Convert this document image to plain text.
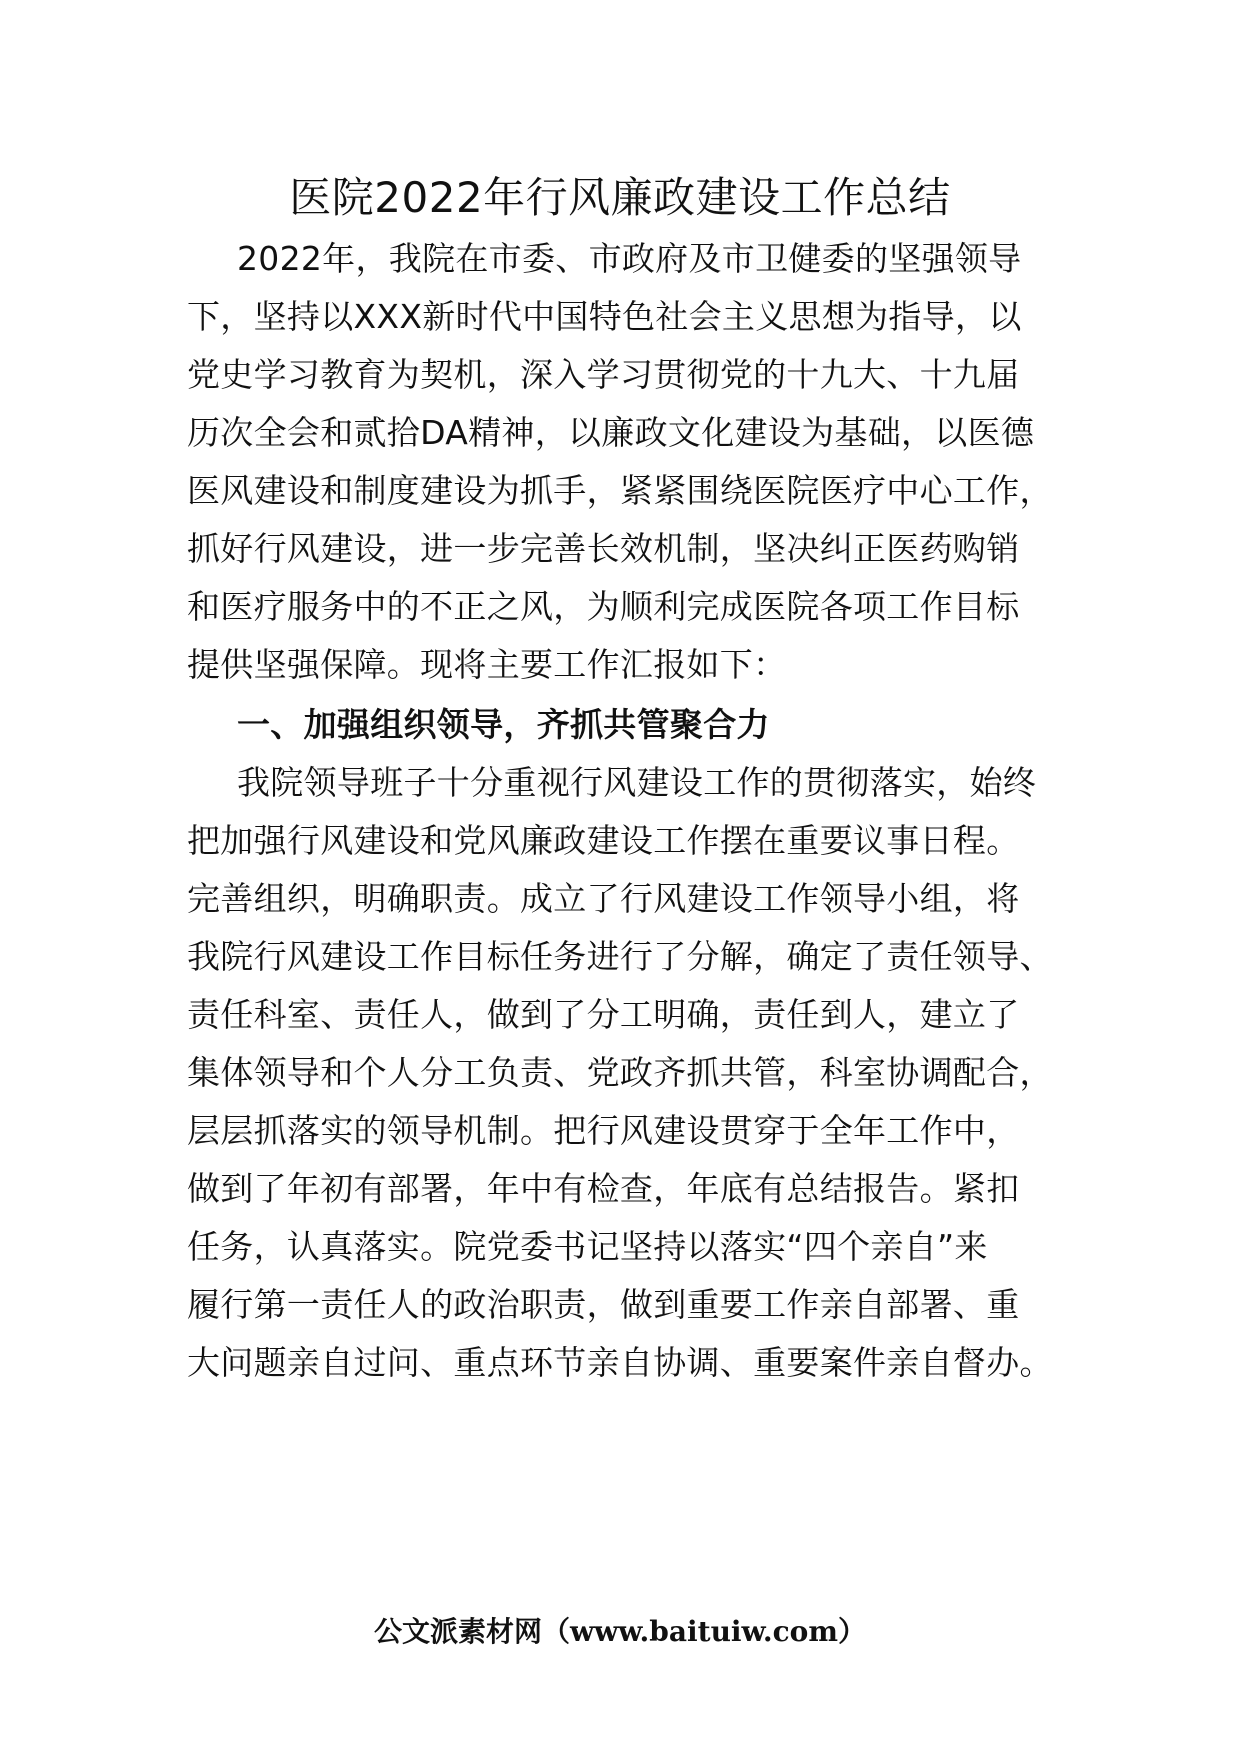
医院2022年行风廉政建设工作总结

2022年，我院在市委、市政府及市卫健委的坚强领导

下，坚持以XXX新时代中国特色社会主义思想为指导，以

党史学习教育为契机，深入学习贯彻党的十九大、十九届

历次全会和贰拾DA精神，以廉政文化建设为基础，以医德

医风建设和制度建设为抓手，紧紧围绕医院医疗中心工作，

抓好行风建设，进一步完善长效机制，坚决纠正医药购销

和医疗服务中的不正之风，为顺利完成医院各项工作目标

提供坚强保障。现将主要工作汇报如下：

一、加强组织领导，齐抓共管聚合力

我院领导班子十分重视行风建设工作的贯彻落实，始终

把加强行风建设和党风廉政建设工作摆在重要议事日程。

完善组织，明确职责。成立了行风建设工作领导小组，将

我院行风建设工作目标任务进行了分解，确定了责任领导、

责任科室、责任人，做到了分工明确，责任到人，建立了

集体领导和个人分工负责、党政齐抓共管，科室协调配合，

层层抓落实的领导机制。把行风建设贯穿于全年工作中，

做到了年初有部署，年中有检查，年底有总结报告。紧扣

任务，认真落实。院党委书记坚持以落实“四个亲自”来

履行第一责任人的政治职责，做到重要工作亲自部署、重

大问题亲自过问、重点环节亲自协调、重要案件亲自督办。

公文派素材网（www.baituiw.com）
